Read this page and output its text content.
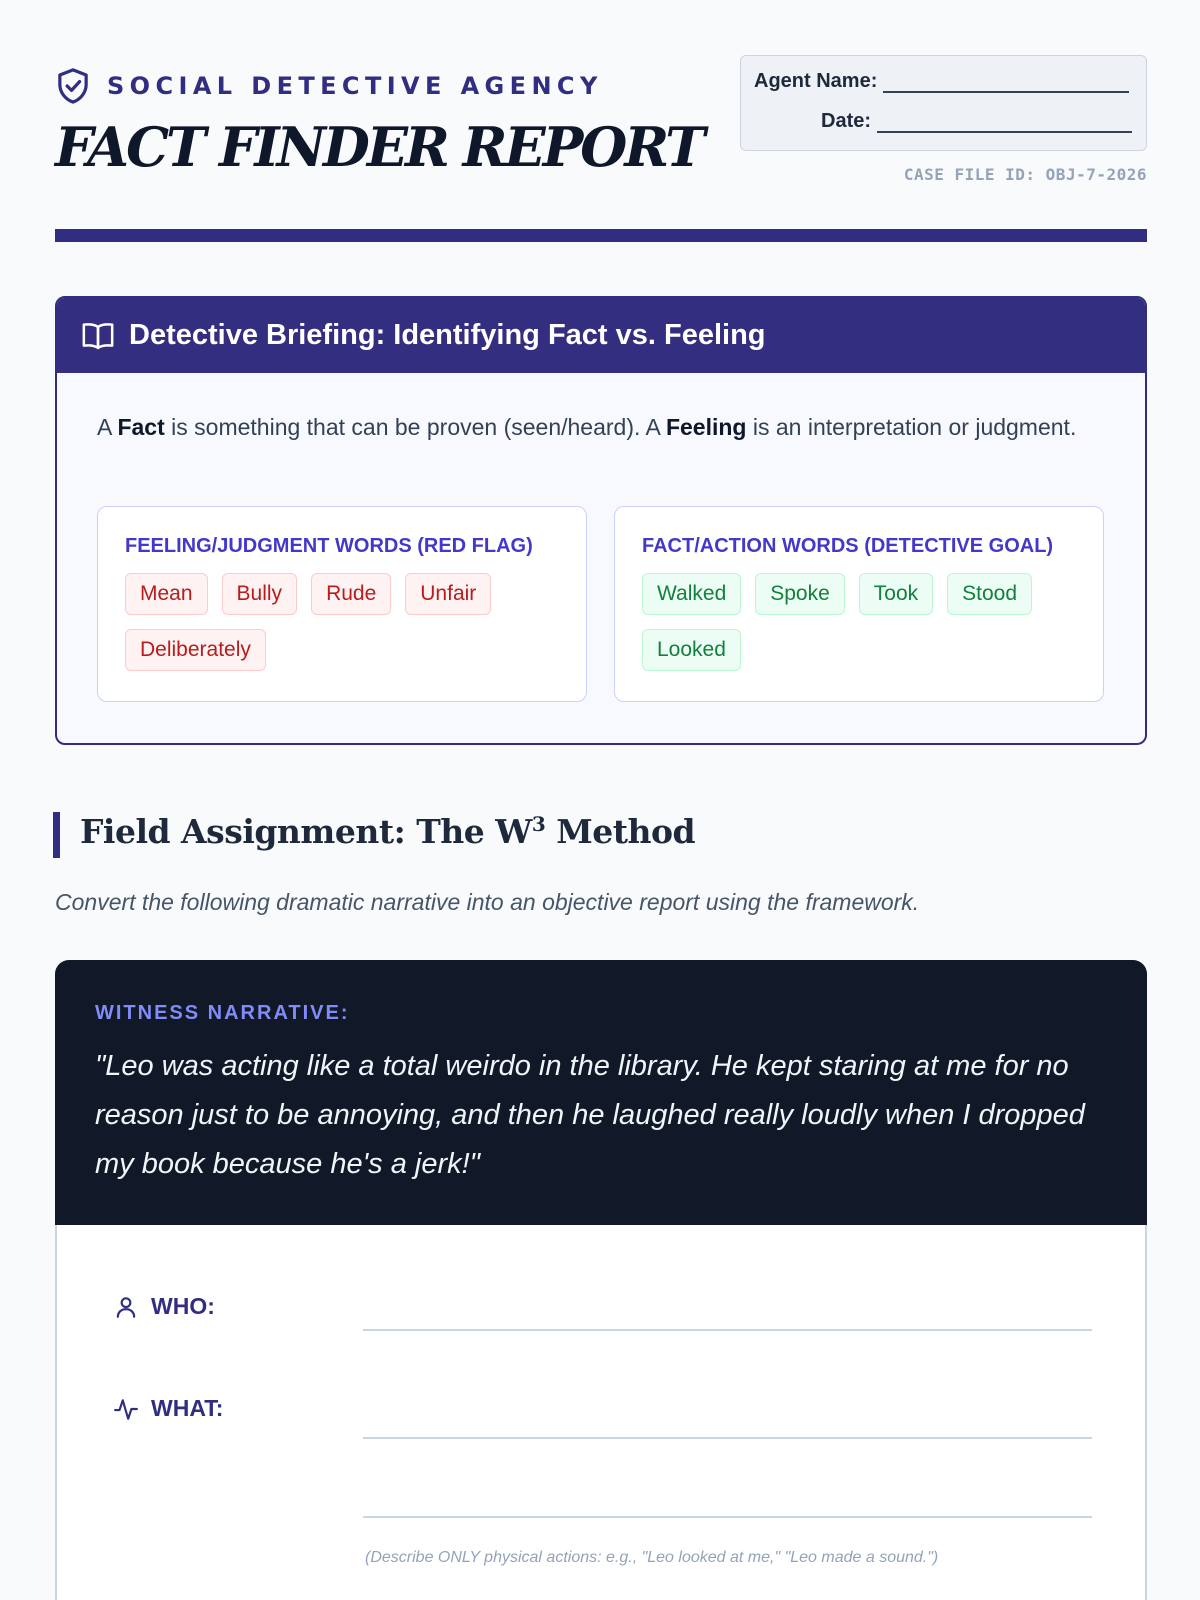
SOCIAL DETECTIVE AGENCY
FACT FINDER REPORT
Agent Name:
Date:
CASE FILE ID: OBJ-7-2026
Detective Briefing: Identifying Fact vs. Feeling

A Fact is something that can be proven (seen/heard). A Feeling is an interpretation or judgment.

FEELING/JUDGMENT WORDS (RED FLAG)
Mean	Bully	Rude	Unfair
Deliberately
FACT/ACTION WORDS (DETECTIVE GOAL)
Walked	Spoke	Took	Stood
Looked
Field Assignment: The $W^3$ Method

Convert the following dramatic narrative into an objective report using the framework.

WITNESS NARRATIVE:

"Leo was acting like a total weirdo in the library. He kept staring at me for no reason just to be annoying, and then he laughed really loudly when I dropped my book because he's a jerk!"

WHO:
WHAT:

(Describe ONLY physical actions: e.g., "Leo looked at me," "Leo made a sound.")
